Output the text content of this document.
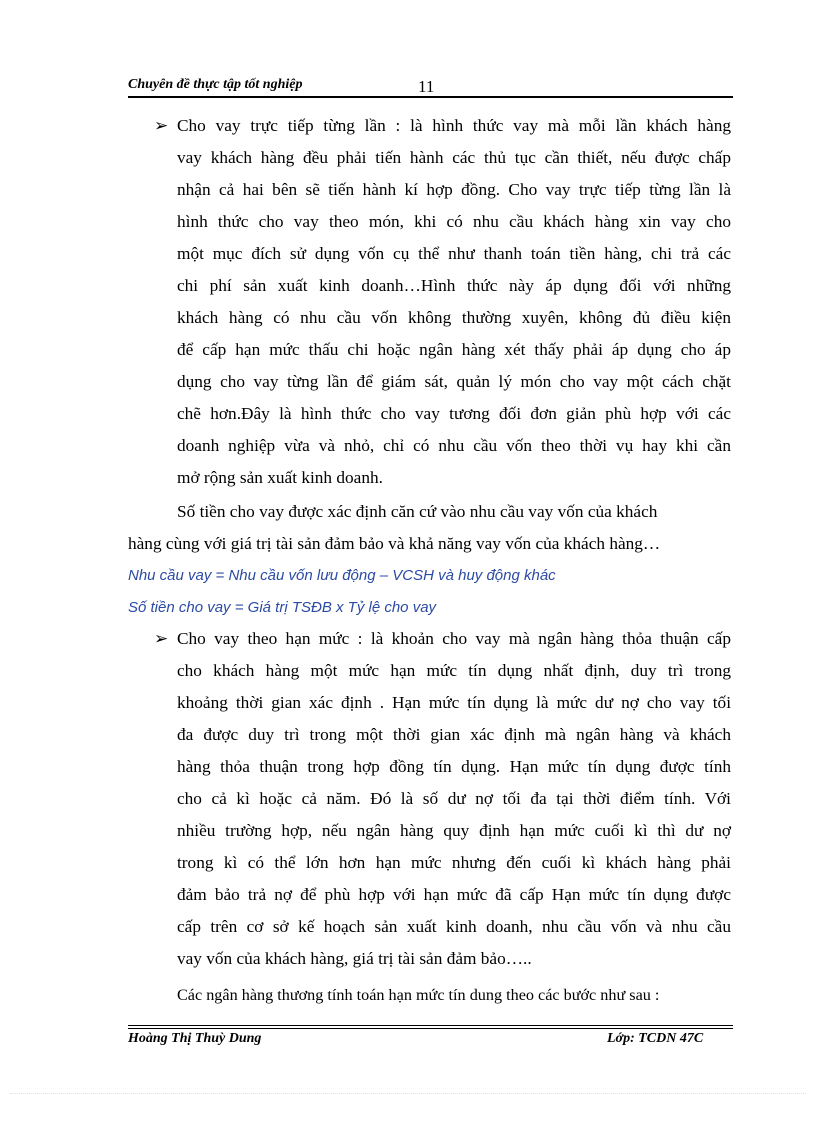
Chuyên đề thực tập tốt nghiệp	11
➢ Cho vay trực tiếp từng lần : là hình thức vay mà mỗi lần khách hàng
vay khách hàng đều phải tiến hành các thủ tục cần thiết, nếu được chấp
nhận cả hai bên sẽ tiến hành kí hợp đồng. Cho vay trực tiếp từng lần là
hình thức cho vay theo món, khi có nhu cầu khách hàng xin vay cho
một mục đích sử dụng vốn cụ thể như thanh toán tiền hàng, chi trả các
chi phí sản xuất kinh doanh…Hình thức này áp dụng đối với những
khách hàng có nhu cầu vốn không thường xuyên, không đủ điều kiện
để cấp hạn mức thấu chi hoặc ngân hàng xét thấy phải áp dụng cho áp
dụng cho vay từng lần để giám sát, quản lý món cho vay một cách chặt
chẽ hơn.Đây là hình thức cho vay tương đối đơn giản phù hợp với các
doanh nghiệp vừa và nhỏ, chỉ có nhu cầu vốn theo thời vụ hay khi cần
mở rộng sản xuất kinh doanh.
Số tiền cho vay được xác định căn cứ vào nhu cầu vay vốn của khách
hàng cùng với giá trị tài sản đảm bảo và khả năng vay vốn của khách hàng…
Nhu cầu vay = Nhu cầu vốn lưu động – VCSH và huy động khác
Số tiền cho vay = Giá trị TSĐB x Tỷ lệ cho vay
➢ Cho vay theo hạn mức : là khoản cho vay mà ngân hàng thỏa thuận cấp
cho khách hàng một mức hạn mức tín dụng nhất định, duy trì trong
khoảng thời gian xác định . Hạn mức tín dụng là mức dư nợ cho vay tối
đa được duy trì trong một thời gian xác định mà ngân hàng và khách
hàng thỏa thuận trong hợp đồng tín dụng. Hạn mức tín dụng được tính
cho cả kì hoặc cả năm. Đó là số dư nợ tối đa tại thời điểm tính. Với
nhiều trường hợp, nếu ngân hàng quy định hạn mức cuối kì thì dư nợ
trong kì có thể lớn hơn hạn mức nhưng đến cuối kì khách hàng phải
đảm bảo trả nợ để phù hợp với hạn mức đã cấp Hạn mức tín dụng được
cấp trên cơ sở kế hoạch sản xuất kinh doanh, nhu cầu vốn và nhu cầu
vay vốn của khách hàng, giá trị tài sản đảm bảo…..
Các ngân hàng thương tính toán hạn mức tín dung theo các bước như sau :
Hoàng Thị Thuỳ Dung	Lớp: TCDN 47C
